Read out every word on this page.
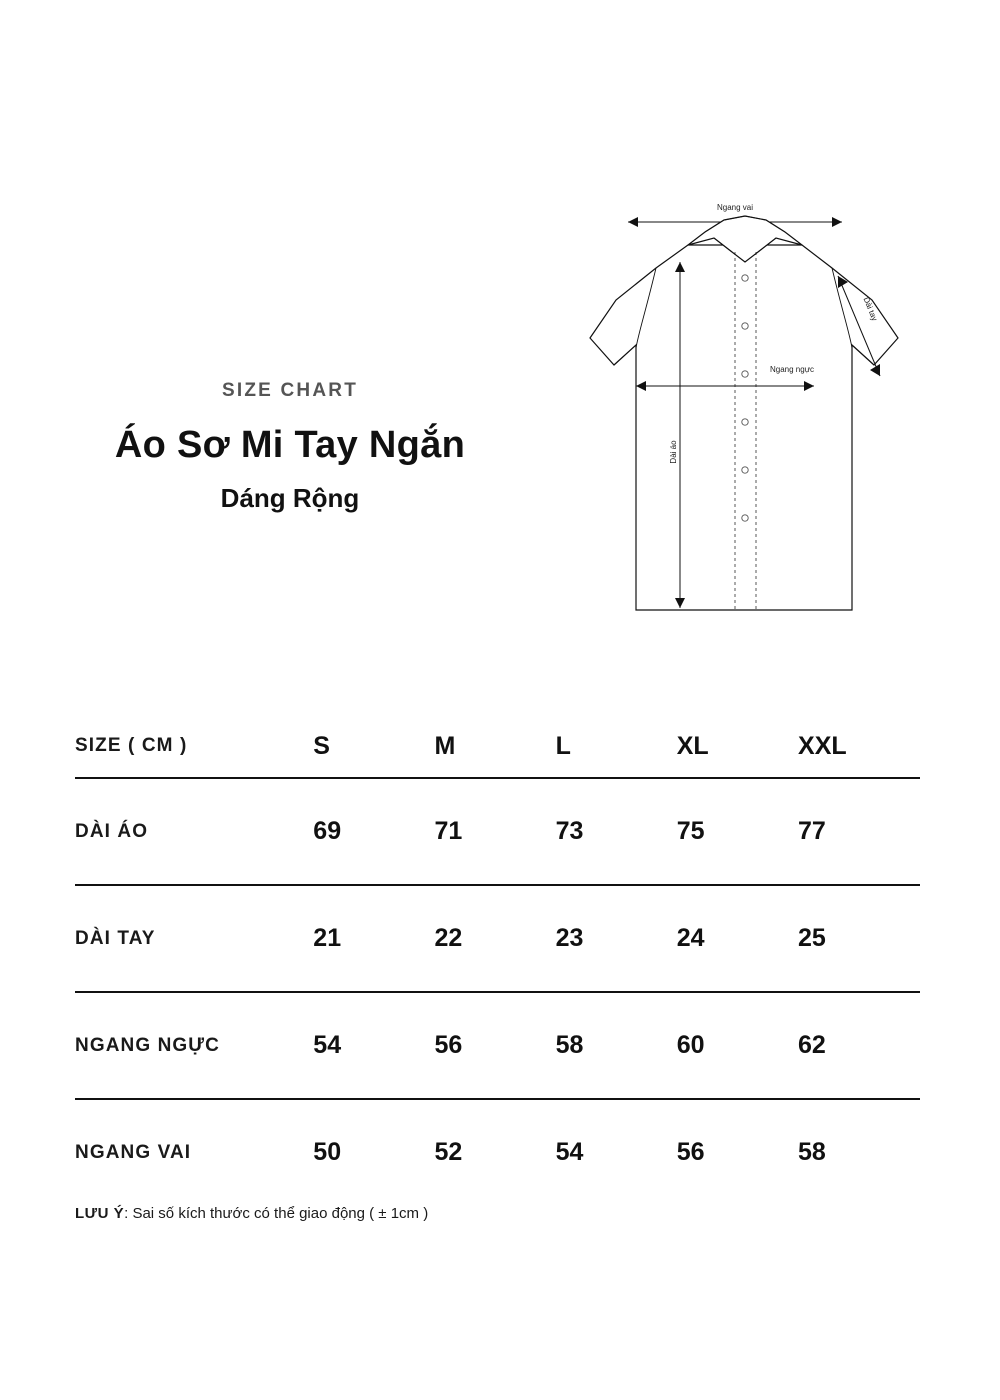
SIZE CHART
Áo Sơ Mi Tay Ngắn
Dáng Rộng
Ngang vai
Ngang ngực
Dài áo
Dài tay
SIZE ( CM )	S	M	L	XL	XXL
DÀI ÁO	69	71	73	75	77
DÀI TAY	21	22	23	24	25
NGANG NGỰC	54	56	58	60	62
NGANG VAI	50	52	54	56	58
LƯU Ý: Sai số kích thước có thể giao động ( ± 1cm )
